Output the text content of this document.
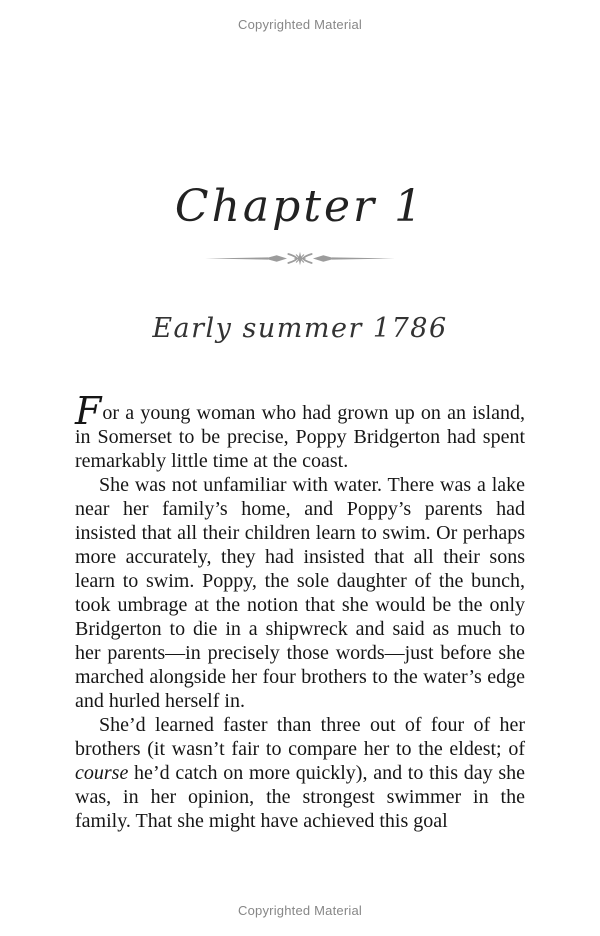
Copyrighted Material
Chapter 1
Early summer 1786

For a young woman who had grown up on an island, in Somerset to be precise, Poppy Bridgerton had spent remarkably little time at the coast.

She was not unfamiliar with water. There was a lake near her family’s home, and Poppy’s parents had insisted that all their children learn to swim. Or perhaps more accurately, they had insisted that all their sons learn to swim. Poppy, the sole daughter of the bunch, took umbrage at the notion that she would be the only Bridgerton to die in a shipwreck and said as much to her parents—in precisely those words—just before she marched alongside her four brothers to the water’s edge and hurled herself in.

She’d learned faster than three out of four of her brothers (it wasn’t fair to compare her to the eldest; of course he’d catch on more quickly), and to this day she was, in her opinion, the strongest swimmer in the family. That she might have achieved this goal

Copyrighted Material
